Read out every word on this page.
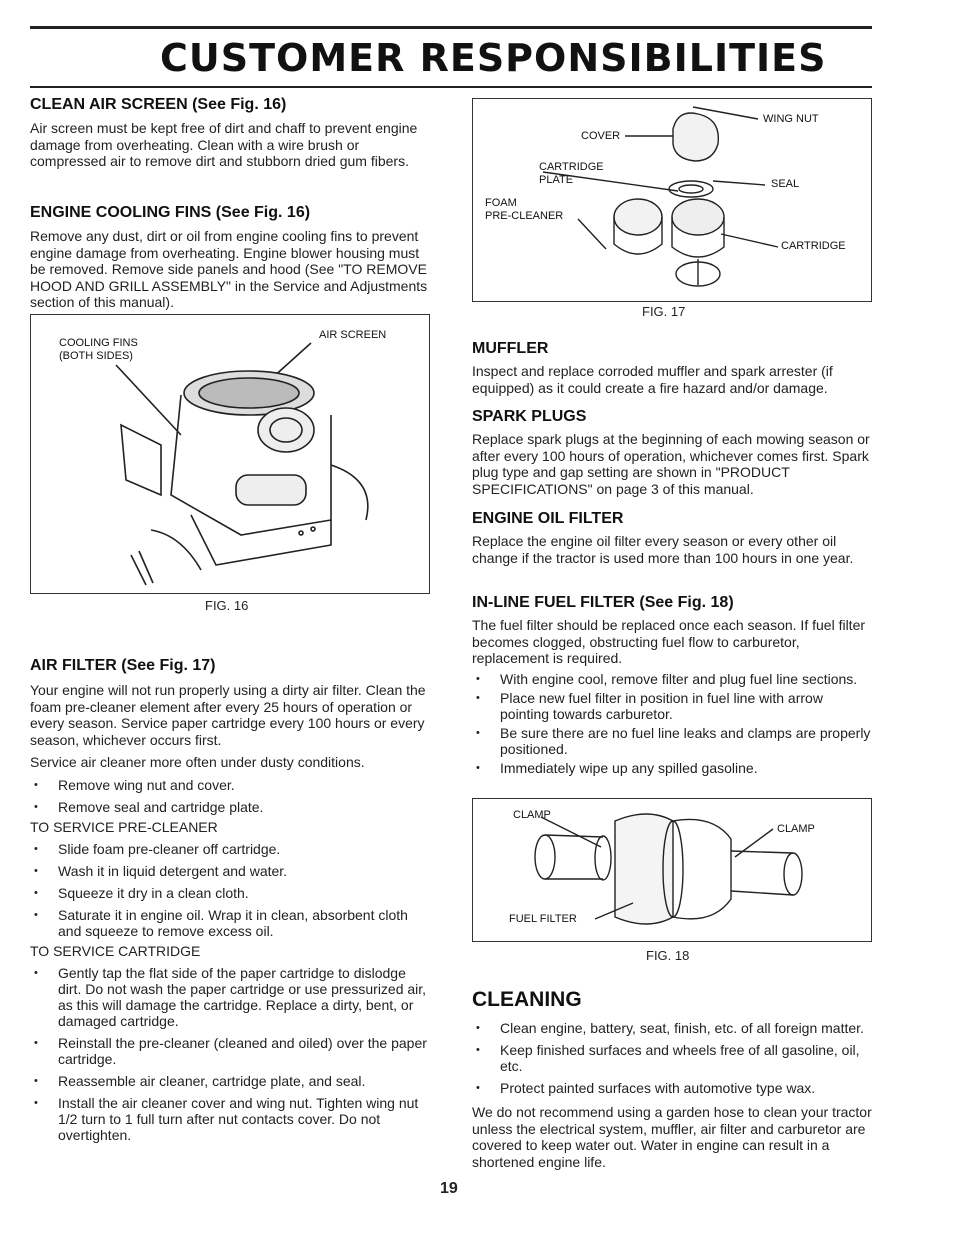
CUSTOMER RESPONSIBILITIES

CLEAN AIR SCREEN (See Fig. 16)

Air screen must be kept free of dirt and chaff to prevent engine damage from overheating. Clean with a wire brush or compressed air to remove dirt and stubborn dried gum fibers.

ENGINE COOLING FINS (See Fig. 16)

Remove any dust, dirt or oil from engine cooling fins to prevent engine damage from overheating. Engine blower housing must be removed. Remove side panels and hood (See "TO REMOVE HOOD AND GRILL ASSEMBLY" in the Service and Adjustments section of this manual).

COOLING FINS
(BOTH SIDES)
AIR SCREEN
FIG. 16

AIR FILTER (See Fig. 17)

Your engine will not run properly using a dirty air filter. Clean the foam pre-cleaner element after every 25 hours of operation or every season. Service paper cartridge every 100 hours or every season, whichever occurs first.

Service air cleaner more often under dusty conditions.

• Remove wing nut and cover.
• Remove seal and cartridge plate.

TO SERVICE PRE-CLEANER

• Slide foam pre-cleaner off cartridge.
• Wash it in liquid detergent and water.
• Squeeze it dry in a clean cloth.
• Saturate it in engine oil. Wrap it in clean, absorbent cloth and squeeze to remove excess oil.

TO SERVICE CARTRIDGE

• Gently tap the flat side of the paper cartridge to dislodge dirt. Do not wash the paper cartridge or use pressurized air, as this will damage the cartridge. Replace a dirty, bent, or damaged cartridge.
• Reinstall the pre-cleaner (cleaned and oiled) over the paper cartridge.
• Reassemble air cleaner, cartridge plate, and seal.
• Install the air cleaner cover and wing nut. Tighten wing nut 1/2 turn to 1 full turn after nut contacts cover. Do not overtighten.
WING NUT
COVER
CARTRIDGE
PLATE	SEAL
FOAM
PRE-CLEANER
CARTRIDGE
FIG. 17

MUFFLER

Inspect and replace corroded muffler and spark arrester (if equipped) as it could create a fire hazard and/or damage.

SPARK PLUGS

Replace spark plugs at the beginning of each mowing season or after every 100 hours of operation, whichever comes first. Spark plug type and gap setting are shown in "PRODUCT SPECIFICATIONS" on page 3 of this manual.

ENGINE OIL FILTER

Replace the engine oil filter every season or every other oil change if the tractor is used more than 100 hours in one year.

IN-LINE FUEL FILTER (See Fig. 18)

The fuel filter should be replaced once each season. If fuel filter becomes clogged, obstructing fuel flow to carburetor, replacement is required.

• With engine cool, remove filter and plug fuel line sections.
• Place new fuel filter in position in fuel line with arrow pointing towards carburetor.
• Be sure there are no fuel line leaks and clamps are properly positioned.
• Immediately wipe up any spilled gasoline.
CLAMP
CLAMP
FUEL FILTER
FIG. 18

CLEANING

• Clean engine, battery, seat, finish, etc. of all foreign matter.
• Keep finished surfaces and wheels free of all gasoline, oil, etc.
• Protect painted surfaces with automotive type wax.

We do not recommend using a garden hose to clean your tractor unless the electrical system, muffler, air filter and carburetor are covered to keep water out. Water in engine can result in a shortened engine life.

19
